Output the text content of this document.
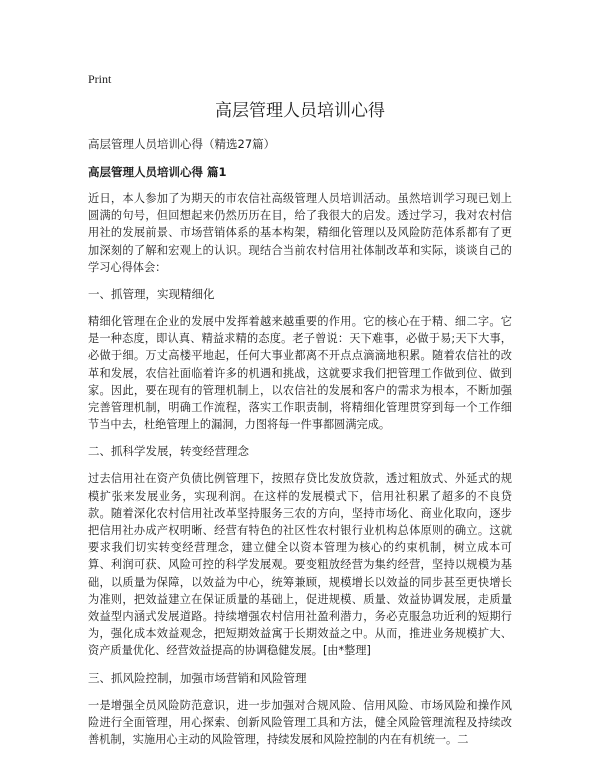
Print
高层管理人员培训心得
高层管理人员培训心得（精选27篇）
高层管理人员培训心得 篇1

近日，本人参加了为期天的市农信社高级管理人员培训活动。虽然培训学习现已划上圆满的句号，但回想起来仍然历历在目，给了我很大的启发。透过学习，我对农村信用社的发展前景、市场营销体系的基本构架，精细化管理以及风险防范体系都有了更加深刻的了解和宏观上的认识。现结合当前农村信用社体制改革和实际，谈谈自己的学习心得体会：

一、抓管理，实现精细化

精细化管理在企业的发展中发挥着越来越重要的作用。它的核心在于精、细二字。它是一种态度，即认真、精益求精的态度。老子曾说：天下难事，必做于易;天下大事，必做于细。万丈高楼平地起，任何大事业都离不开点点滴滴地积累。随着农信社的改革和发展，农信社面临着许多的机遇和挑战，这就要求我们把管理工作做到位、做到家。因此，要在现有的管理机制上，以农信社的发展和客户的需求为根本，不断加强完善管理机制，明确工作流程，落实工作职责制，将精细化管理贯穿到每一个工作细节当中去，杜绝管理上的漏洞，力图将每一件事都圆满完成。

二、抓科学发展，转变经营理念

过去信用社在资产负债比例管理下，按照存贷比发放贷款，透过粗放式、外延式的规模扩张来发展业务，实现利润。在这样的发展模式下，信用社积累了超多的不良贷款。随着深化农村信用社改革坚持服务三农的方向，坚持市场化、商业化取向，逐步把信用社办成产权明晰、经营有特色的社区性农村银行业机构总体原则的确立。这就要求我们切实转变经营理念，建立健全以资本管理为核心的约束机制，树立成本可算、利润可获、风险可控的科学发展观。要变粗放经营为集约经营，坚持以规模为基础，以质量为保障，以效益为中心，统筹兼顾，规模增长以效益的同步甚至更快增长为准则，把效益建立在保证质量的基础上，促进规模、质量、效益协调发展，走质量效益型内涵式发展道路。持续增强农村信用社盈利潜力，务必克服急功近利的短期行为，强化成本效益观念，把短期效益寓于长期效益之中。从而，推进业务规模扩大、资产质量优化、经营效益提高的协调稳健发展。[由*整理]

三、抓风险控制，加强市场营销和风险管理

一是增强全员风险防范意识，进一步加强对合规风险、信用风险、市场风险和操作风险进行全面管理，用心探索、创新风险管理工具和方法，健全风险管理流程及持续改善机制，实施用心主动的风险管理，持续发展和风险控制的内在有机统一。二
